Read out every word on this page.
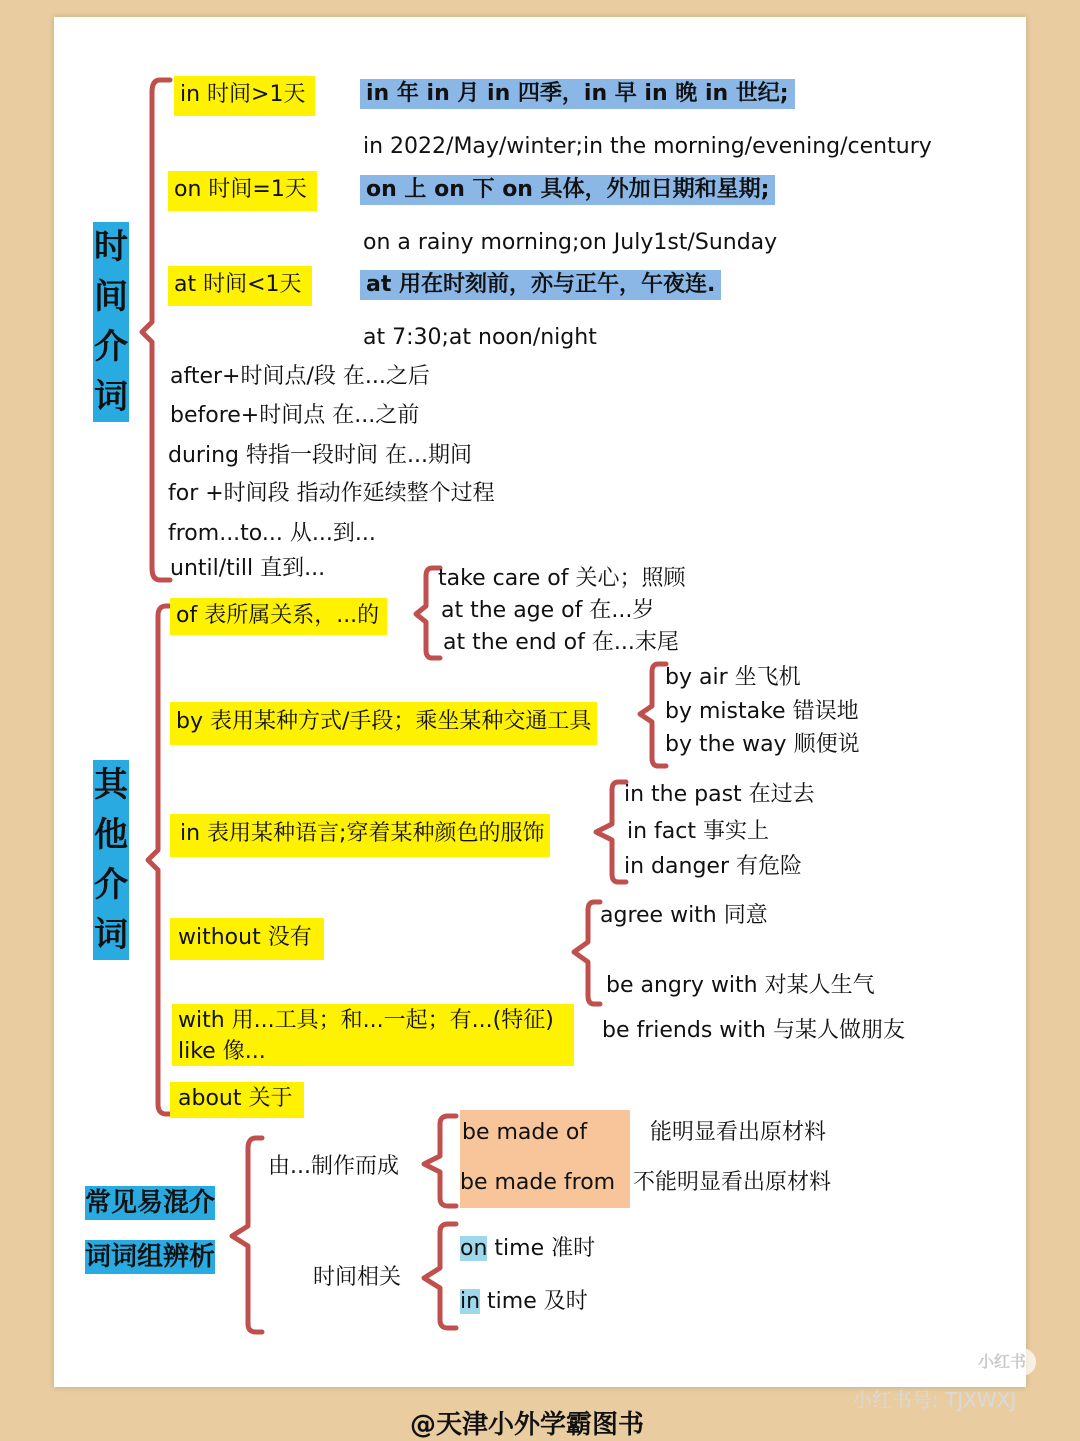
时间介词
其他介词
常见易混介
词词组辨析
in 时间>1天	in 年 in 月 in 四季，in 早 in 晚 in 世纪;
in 2022/May/winter;in the morning/evening/century
on 时间=1天	on 上 on 下 on 具体，外加日期和星期;
on a rainy morning;on July1st/Sunday
at 时间<1天	at 用在时刻前，亦与正午，午夜连.
at 7:30;at noon/night
after+时间点/段 在...之后
before+时间点 在...之前
during 特指一段时间 在...期间
for +时间段 指动作延续整个过程
from...to... 从...到...
until/till 直到...
of 表所属关系，...的
take care of 关心；照顾
at the age of 在...岁
at the end of 在...末尾
by 表用某种方式/手段；乘坐某种交通工具
by air 坐飞机
by mistake 错误地
by the way 顺便说
in 表用某种语言;穿着某种颜色的服饰
in the past 在过去
in fact 事实上
in danger 有危险
without 没有
with 用...工具；和...一起；有...(特征)
like 像...
about 关于
agree with 同意
be angry with 对某人生气
be friends with 与某人做朋友
由...制作而成
be made of	能明显看出原材料
be made from 不能明显看出原材料
时间相关
on time 准时
in time 及时
小红书
小红书号: TJXWXJ
@天津小外学霸图书
